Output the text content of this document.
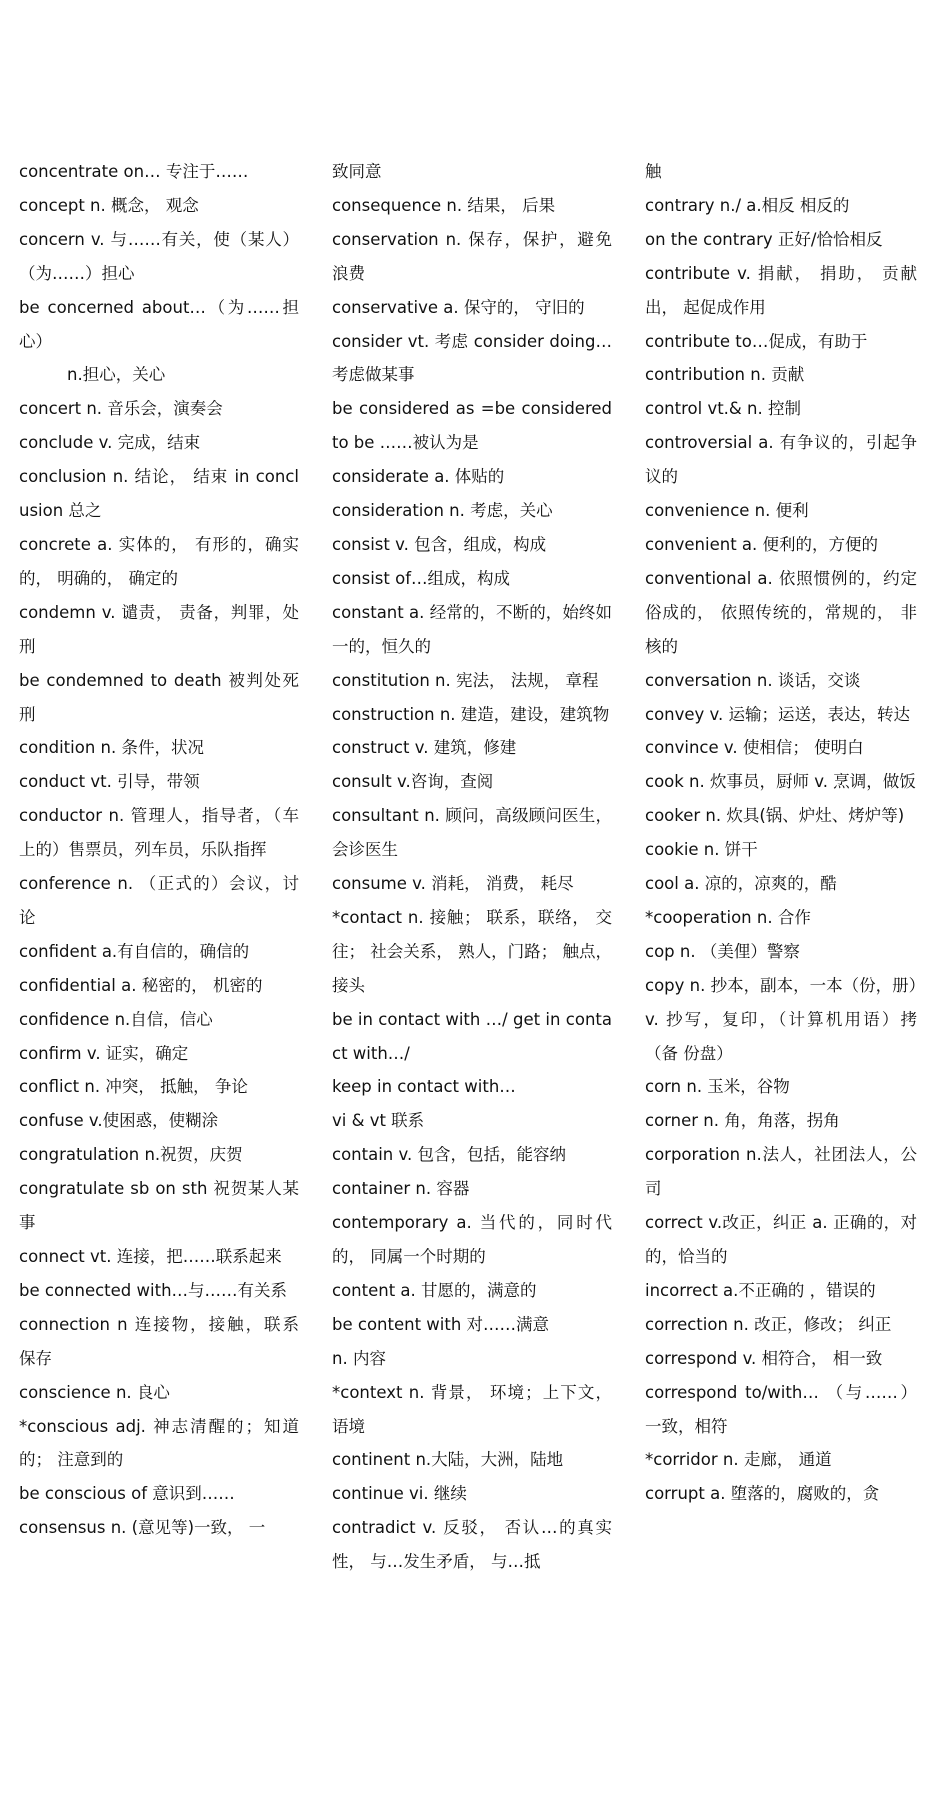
concentrate on… 专注于……

concept n. 概念， 观念

concern v. 与……有关，使（某人）（为……）担心

be concerned about…（为……担心）

n.担心，关心

concert n. 音乐会，演奏会

conclude v. 完成，结束

conclusion n. 结论， 结束 in conclusion 总之

concrete a. 实体的， 有形的，确实的， 明确的， 确定的

condemn v. 谴责， 责备，判罪，处刑

be condemned to death 被判处死刑

condition n. 条件，状况

conduct vt. 引导，带领

conductor n. 管理人，指导者，（车上的）售票员，列车员，乐队指挥

conference n. （正式的）会议，讨论

confident a.有自信的，确信的

confidential a. 秘密的， 机密的

confidence n.自信，信心

confirm v. 证实，确定

conflict n. 冲突， 抵触， 争论

confuse v.使困惑，使糊涂

congratulation n.祝贺，庆贺

congratulate sb on sth 祝贺某人某事

connect vt. 连接，把……联系起来

be connected with…与……有关系

connection n 连接物，接触，联系 保存

conscience n. 良心

*conscious adj. 神志清醒的；知道的； 注意到的

be conscious of 意识到……

consensus n. (意见等)一致， 一

致同意

consequence n. 结果， 后果

conservation n. 保存，保护，避免浪费

conservative a. 保守的， 守旧的

consider vt. 考虑 consider doing…考虑做某事

be considered as =be considered to be ……被认为是

considerate a. 体贴的

consideration n. 考虑，关心

consist v. 包含，组成，构成

consist of…组成，构成

constant a. 经常的，不断的，始终如一的，恒久的

constitution n. 宪法， 法规， 章程

construction n. 建造，建设，建筑物

construct v. 建筑，修建

consult v.咨询，查阅

consultant n. 顾问，高级顾问医生， 会诊医生

consume v. 消耗， 消费， 耗尽

*contact n. 接触； 联系，联络， 交往； 社会关系， 熟人，门路； 触点， 接头

be in contact with …/ get in contact with…/

keep in contact with…

vi & vt 联系

contain v. 包含，包括，能容纳

container n. 容器

contemporary a. 当代的，同时代的， 同属一个时期的

content a. 甘愿的，满意的

be content with 对……满意

n. 内容

*context n. 背景， 环境；上下文， 语境

continent n.大陆，大洲，陆地

continue vi. 继续

contradict v. 反驳， 否认…的真实性， 与…发生矛盾， 与…抵

触

contrary n./ a.相反 相反的

on the contrary 正好/恰恰相反

contribute v. 捐献， 捐助， 贡献出， 起促成作用

contribute to…促成，有助于

contribution n. 贡献

control vt.& n. 控制

controversial a. 有争议的，引起争议的

convenience n. 便利

convenient a. 便利的，方便的

conventional a. 依照惯例的，约定俗成的， 依照传统的，常规的， 非核的

conversation n. 谈话，交谈

convey v. 运输；运送，表达，转达

convince v. 使相信； 使明白

cook n. 炊事员，厨师 v. 烹调，做饭

cooker n. 炊具(锅、炉灶、烤炉等)

cookie n. 饼干

cool a. 凉的，凉爽的，酷

*cooperation n. 合作

cop n. （美俚）警察

copy n. 抄本，副本，一本（份，册）

v. 抄写，复印，（计算机用语）拷（备 份盘）

corn n. 玉米，谷物

corner n. 角，角落，拐角

corporation n.法人，社团法人，公司

correct v.改正，纠正 a. 正确的，对的，恰当的

incorrect a.不正确的 ，错误的

correction n. 改正，修改； 纠正

correspond v. 相符合， 相一致

correspond to/with… （与……）一致，相符

*corridor n. 走廊， 通道

corrupt a. 堕落的，腐败的，贪
